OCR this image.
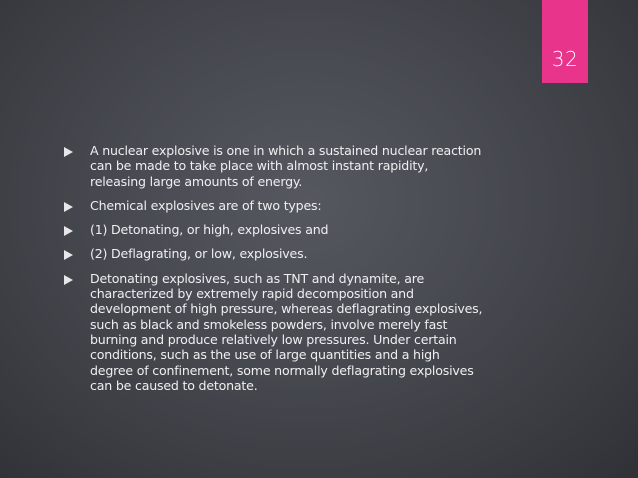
32
A nuclear explosive is one in which a sustained nuclear reaction
can be made to take place with almost instant rapidity,
releasing large amounts of energy.
Chemical explosives are of two types:
(1) Detonating, or high, explosives and
(2) Deflagrating, or low, explosives.
Detonating explosives, such as TNT and dynamite, are
characterized by extremely rapid decomposition and
development of high pressure, whereas deflagrating explosives,
such as black and smokeless powders, involve merely fast
burning and produce relatively low pressures. Under certain
conditions, such as the use of large quantities and a high
degree of confinement, some normally deflagrating explosives
can be caused to detonate.
